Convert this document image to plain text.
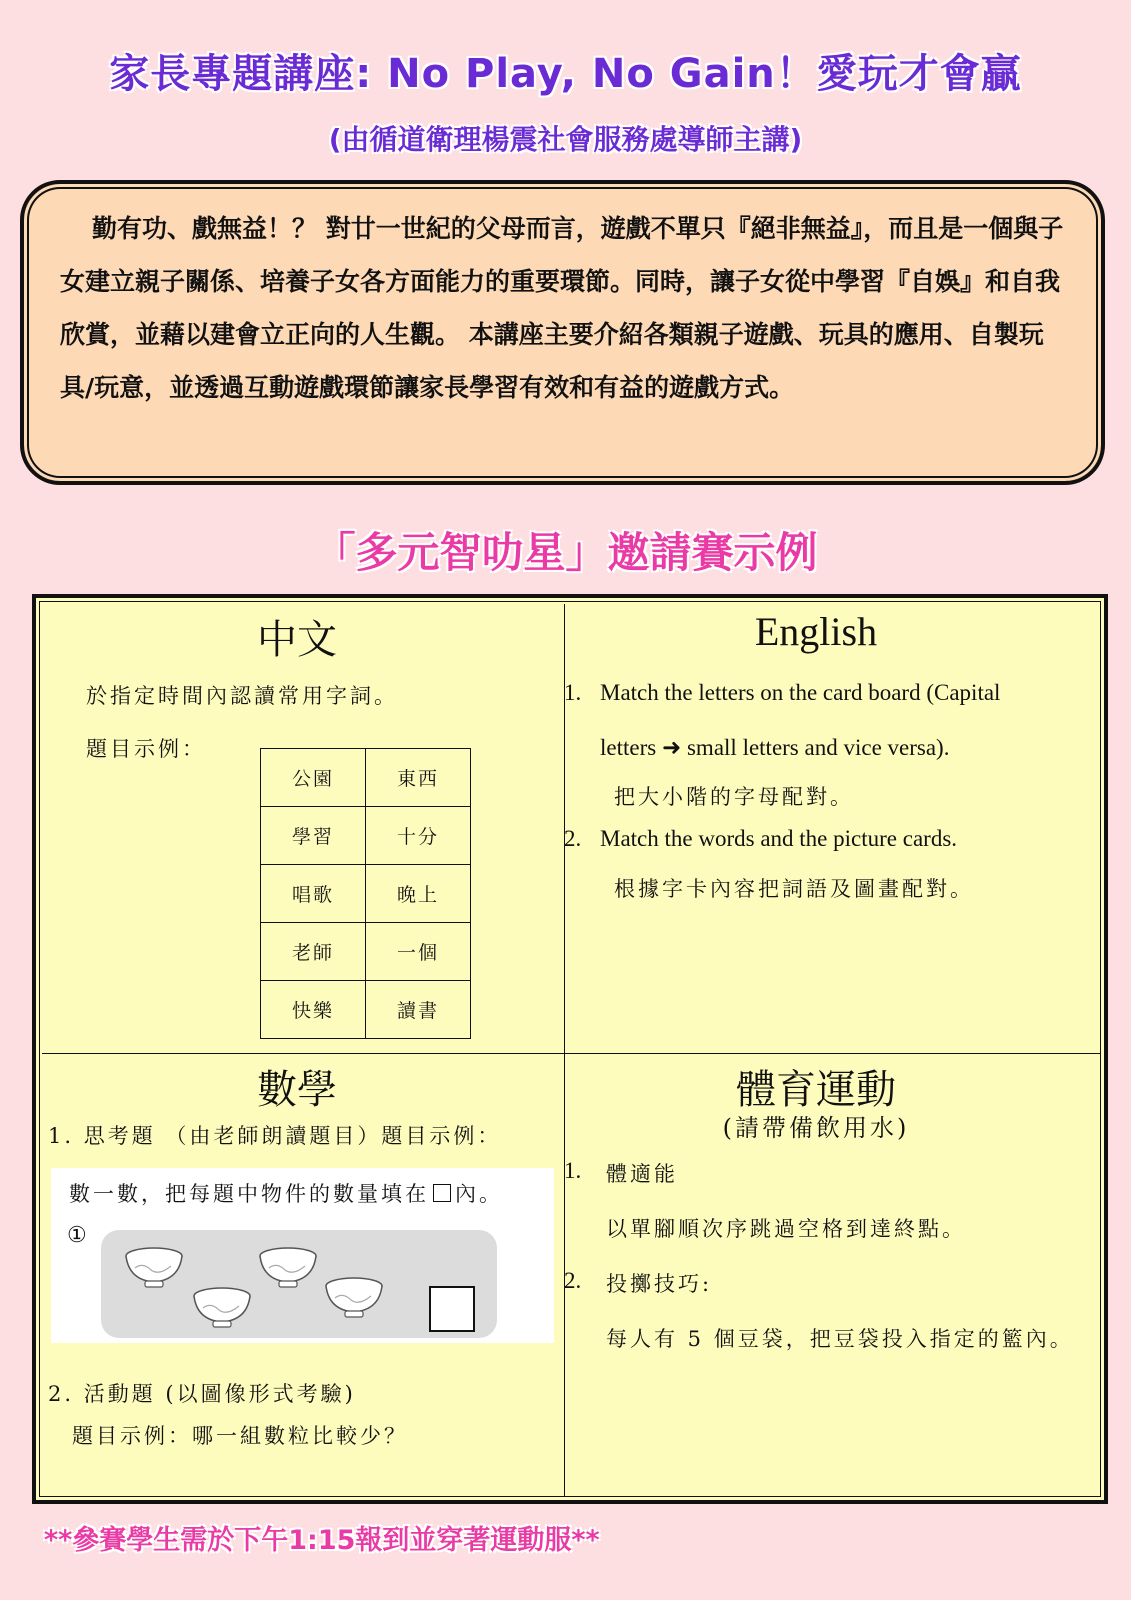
家長專題講座: No Play, No Gain！愛玩才會贏
(由循道衛理楊震社會服務處導師主講)

勤有功、戲無益！？ 對廿一世紀的父母而言，遊戲不單只『絕非無益』，而且是一個與子女建立親子關係、培養子女各方面能力的重要環節。同時，讓子女從中學習『自娛』和自我欣賞，並藉以建會立正向的人生觀。 本講座主要介紹各類親子遊戲、玩具的應用、自製玩具/玩意，並透過互動遊戲環節讓家長學習有效和有益的遊戲方式。

「多元智叻星」邀請賽示例
中文
於指定時間內認讀常用字詞。
題目示例：
公園	東西
學習	十分
唱歌	晚上
老師	一個
快樂	讀書
English
1. Match the letters on the card board (Capital
letters ➜ small letters and vice versa).
把大小階的字母配對。
2. Match the words and the picture cards.
根據字卡內容把詞語及圖畫配對。
數學
1. 思考題 （由老師朗讀題目）題目示例：
數一數，把每題中物件的數量填在 內。
①
2. 活動題 (以圖像形式考驗)
題目示例：哪一組數粒比較少？
體育運動
(請帶備飲用水)
1. 體適能
以單腳順次序跳過空格到達終點。
2. 投擲技巧:
每人有 5 個豆袋，把豆袋投入指定的籃內。
**參賽學生需於下午1:15報到並穿著運動服**
